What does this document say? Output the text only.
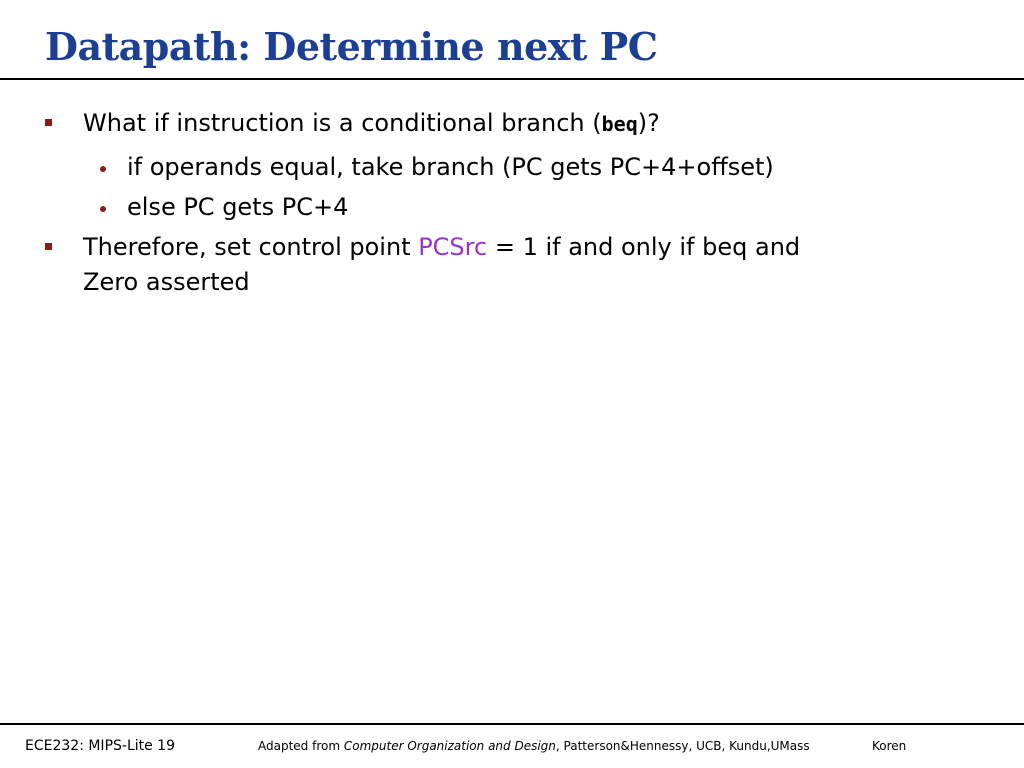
Datapath: Determine next PC
What if instruction is a conditional branch (beq)?
if operands equal, take branch (PC gets PC+4+offset)
else PC gets PC+4
Therefore, set control point PCSrc = 1 if and only if beq and
Zero asserted
ECE232: MIPS-Lite 19	Adapted from Computer Organization and Design, Patterson&Hennessy, UCB, Kundu,UMass	Koren
